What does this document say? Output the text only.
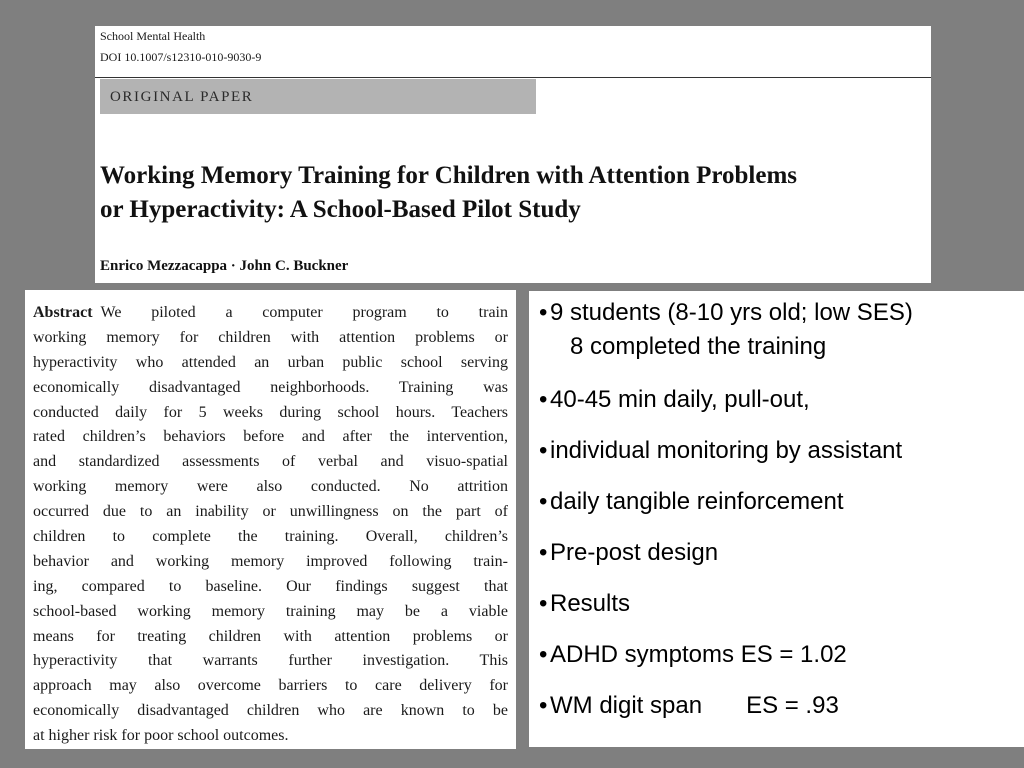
School Mental Health
DOI 10.1007/s12310-010-9030-9
ORIGINAL PAPER
Working Memory Training for Children with Attention Problems
or Hyperactivity: A School-Based Pilot Study
Enrico Mezzacappa · John C. Buckner

Abstract We piloted a computer program to train
working memory for children with attention problems or
hyperactivity who attended an urban public school serving
economically disadvantaged neighborhoods. Training was
conducted daily for 5 weeks during school hours. Teachers
rated children’s behaviors before and after the intervention,
and standardized assessments of verbal and visuo-spatial
working memory were also conducted. No attrition
occurred due to an inability or unwillingness on the part of
children to complete the training. Overall, children’s
behavior and working memory improved following train-
ing, compared to baseline. Our findings suggest that
school-based working memory training may be a viable
means for treating children with attention problems or
hyperactivity that warrants further investigation. This
approach may also overcome barriers to care delivery for
economically disadvantaged children who are known to be
at higher risk for poor school outcomes.

• 9 students (8-10 yrs old; low SES)
8 completed the training
• 40-45 min daily, pull-out,
• individual monitoring by assistant
• daily tangible reinforcement
• Pre-post design
• Results
• ADHD symptoms ES = 1.02
• WM digit span ES = .93
